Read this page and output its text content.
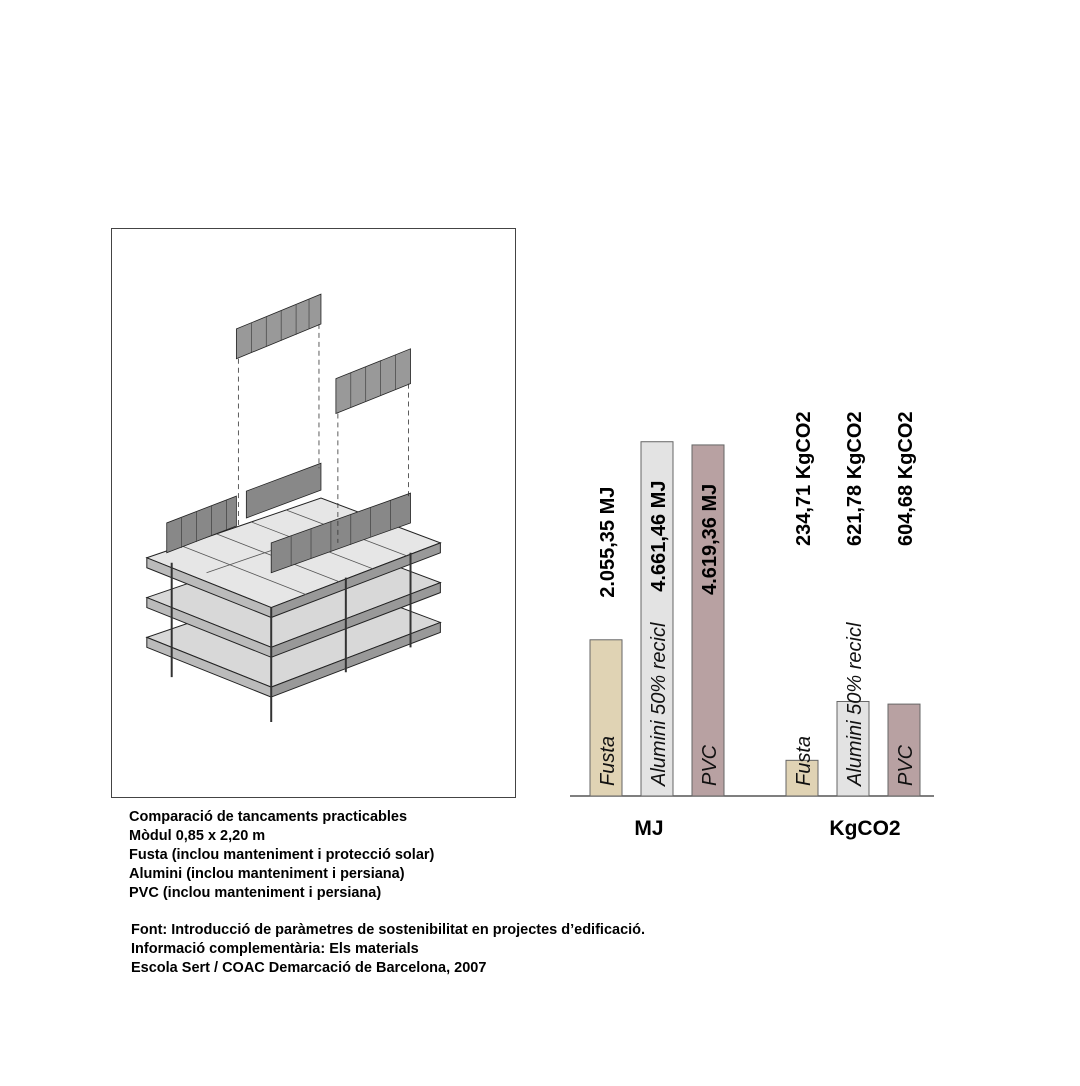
Fusta
2.055,35 MJ
Alumini 50% recicl
4.661,46 MJ
PVC
4.619,36 MJ
MJ
Fusta
234,71 KgCO2
Alumini 50% recicl
621,78 KgCO2
PVC
604,68 KgCO2
KgCO2
Comparació de tancaments practicables
Mòdul 0,85 x 2,20 m
Fusta (inclou manteniment i protecció solar)
Alumini (inclou manteniment i persiana)
PVC (inclou manteniment i persiana)
Font: Introducció de paràmetres de sostenibilitat en projectes d’edificació.
Informació complementària: Els materials
Escola Sert / COAC Demarcació de Barcelona, 2007
